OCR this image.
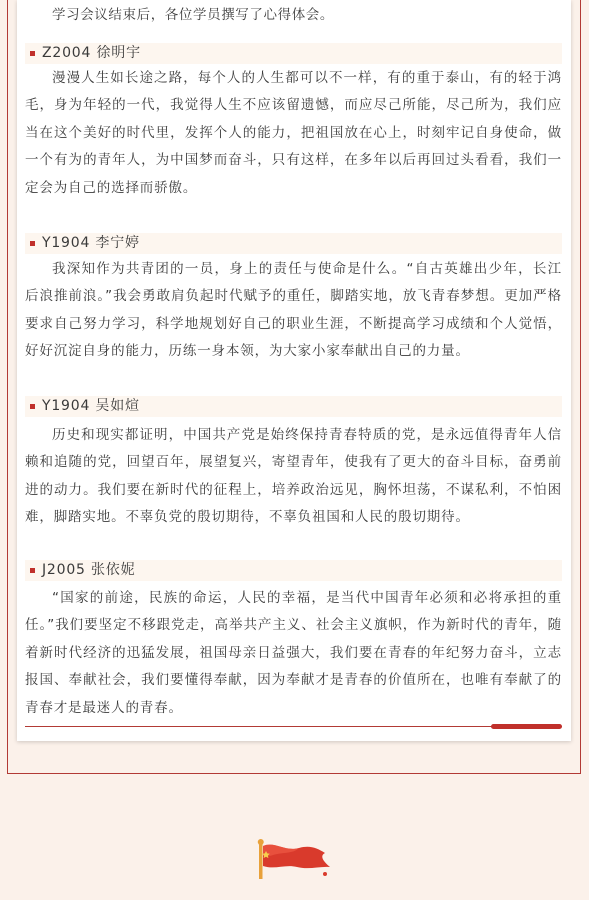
学习会议结束后，各位学员撰写了心得体会。
Z2004 徐明宇

漫漫人生如长途之路，每个人的人生都可以不一样，有的重于泰山，有的轻于鸿毛，身为年轻的一代，我觉得人生不应该留遗憾，而应尽己所能，尽己所为，我们应当在这个美好的时代里，发挥个人的能力，把祖国放在心上，时刻牢记自身使命，做一个有为的青年人，为中国梦而奋斗，只有这样，在多年以后再回过头看看，我们一定会为自己的选择而骄傲。

Y1904 李宁婷

我深知作为共青团的一员，身上的责任与使命是什么。“自古英雄出少年，长江后浪推前浪。”我会勇敢肩负起时代赋予的重任，脚踏实地，放飞青春梦想。更加严格要求自己努力学习，科学地规划好自己的职业生涯，不断提高学习成绩和个人觉悟，好好沉淀自身的能力，历练一身本领，为大家小家奉献出自己的力量。

Y1904 吴如煊

历史和现实都证明，中国共产党是始终保持青春特质的党，是永远值得青年人信赖和追随的党，回望百年，展望复兴，寄望青年，使我有了更大的奋斗目标，奋勇前进的动力。我们要在新时代的征程上，培养政治远见，胸怀坦荡，不谋私利，不怕困难，脚踏实地。不辜负党的殷切期待，不辜负祖国和人民的殷切期待。

J2005 张依妮

“国家的前途，民族的命运，人民的幸福，是当代中国青年必须和必将承担的重任。”我们要坚定不移跟党走，高举共产主义、社会主义旗帜，作为新时代的青年，随着新时代经济的迅猛发展，祖国母亲日益强大，我们要在青春的年纪努力奋斗，立志报国、奉献社会，我们要懂得奉献，因为奉献才是青春的价值所在，也唯有奉献了的青春才是最迷人的青春。
